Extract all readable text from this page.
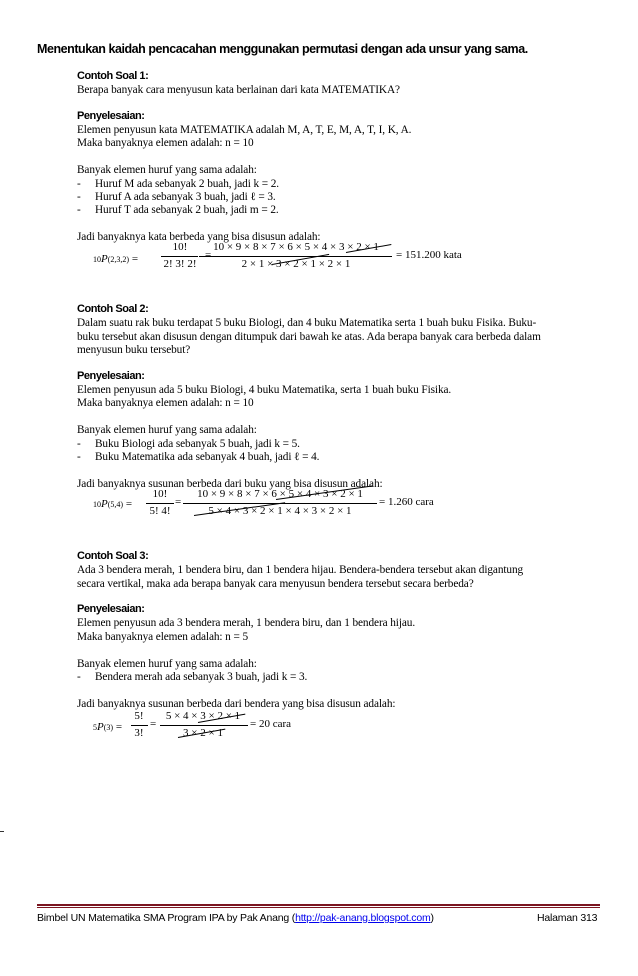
Menentukan kaidah pencacahan menggunakan permutasi dengan ada unsur yang sama.
Contoh Soal 1:
Berapa banyak cara menyusun kata berlainan dari kata MATEMATIKA?
Penyelesaian:
Elemen penyusun kata MATEMATIKA adalah M, A, T, E, M, A, T, I, K, A.
Maka banyaknya elemen adalah: n = 10
Banyak elemen huruf yang sama adalah:
- Huruf M ada sebanyak 2 buah, jadi k = 2.
- Huruf A ada sebanyak 3 buah, jadi ℓ = 3.
- Huruf T ada sebanyak 2 buah, jadi m = 2.
Jadi banyaknya kata berbeda yang bisa disusun adalah:
10P(2,3,2) =
10!
2! 3! 2!
=
10 × 9 × 8 × 7 × 6 × 5 × 4 × 3 × 2 × 1
2 × 1 × 3 × 2 × 1 × 2 × 1
= 151.200 kata
Contoh Soal 2:
Dalam suatu rak buku terdapat 5 buku Biologi, dan 4 buku Matematika serta 1 buah buku Fisika. Buku-
buku tersebut akan disusun dengan ditumpuk dari bawah ke atas. Ada berapa banyak cara berbeda dalam
menyusun buku tersebut?
Penyelesaian:
Elemen penyusun ada 5 buku Biologi, 4 buku Matematika, serta 1 buah buku Fisika.
Maka banyaknya elemen adalah: n = 10
Banyak elemen huruf yang sama adalah:
- Buku Biologi ada sebanyak 5 buah, jadi k = 5.
- Buku Matematika ada sebanyak 4 buah, jadi ℓ = 4.
Jadi banyaknya susunan berbeda dari buku yang bisa disusun adalah:
10P(5,4) =
10!
5! 4!
=
10 × 9 × 8 × 7 × 6 × 5 × 4 × 3 × 2 × 1
5 × 4 × 3 × 2 × 1 × 4 × 3 × 2 × 1
= 1.260 cara
Contoh Soal 3:
Ada 3 bendera merah, 1 bendera biru, dan 1 bendera hijau. Bendera-bendera tersebut akan digantung
secara vertikal, maka ada berapa banyak cara menyusun bendera tersebut secara berbeda?
Penyelesaian:
Elemen penyusun ada 3 bendera merah, 1 bendera biru, dan 1 bendera hijau.
Maka banyaknya elemen adalah: n = 5
Banyak elemen huruf yang sama adalah:
- Bendera merah ada sebanyak 3 buah, jadi k = 3.
Jadi banyaknya susunan berbeda dari bendera yang bisa disusun adalah:
5P(3) =
5!
3!
=
5 × 4 × 3 × 2 × 1
3 × 2 × 1
= 20 cara
Bimbel UN Matematika SMA Program IPA by Pak Anang (http://pak-anang.blogspot.com)	Halaman 313
